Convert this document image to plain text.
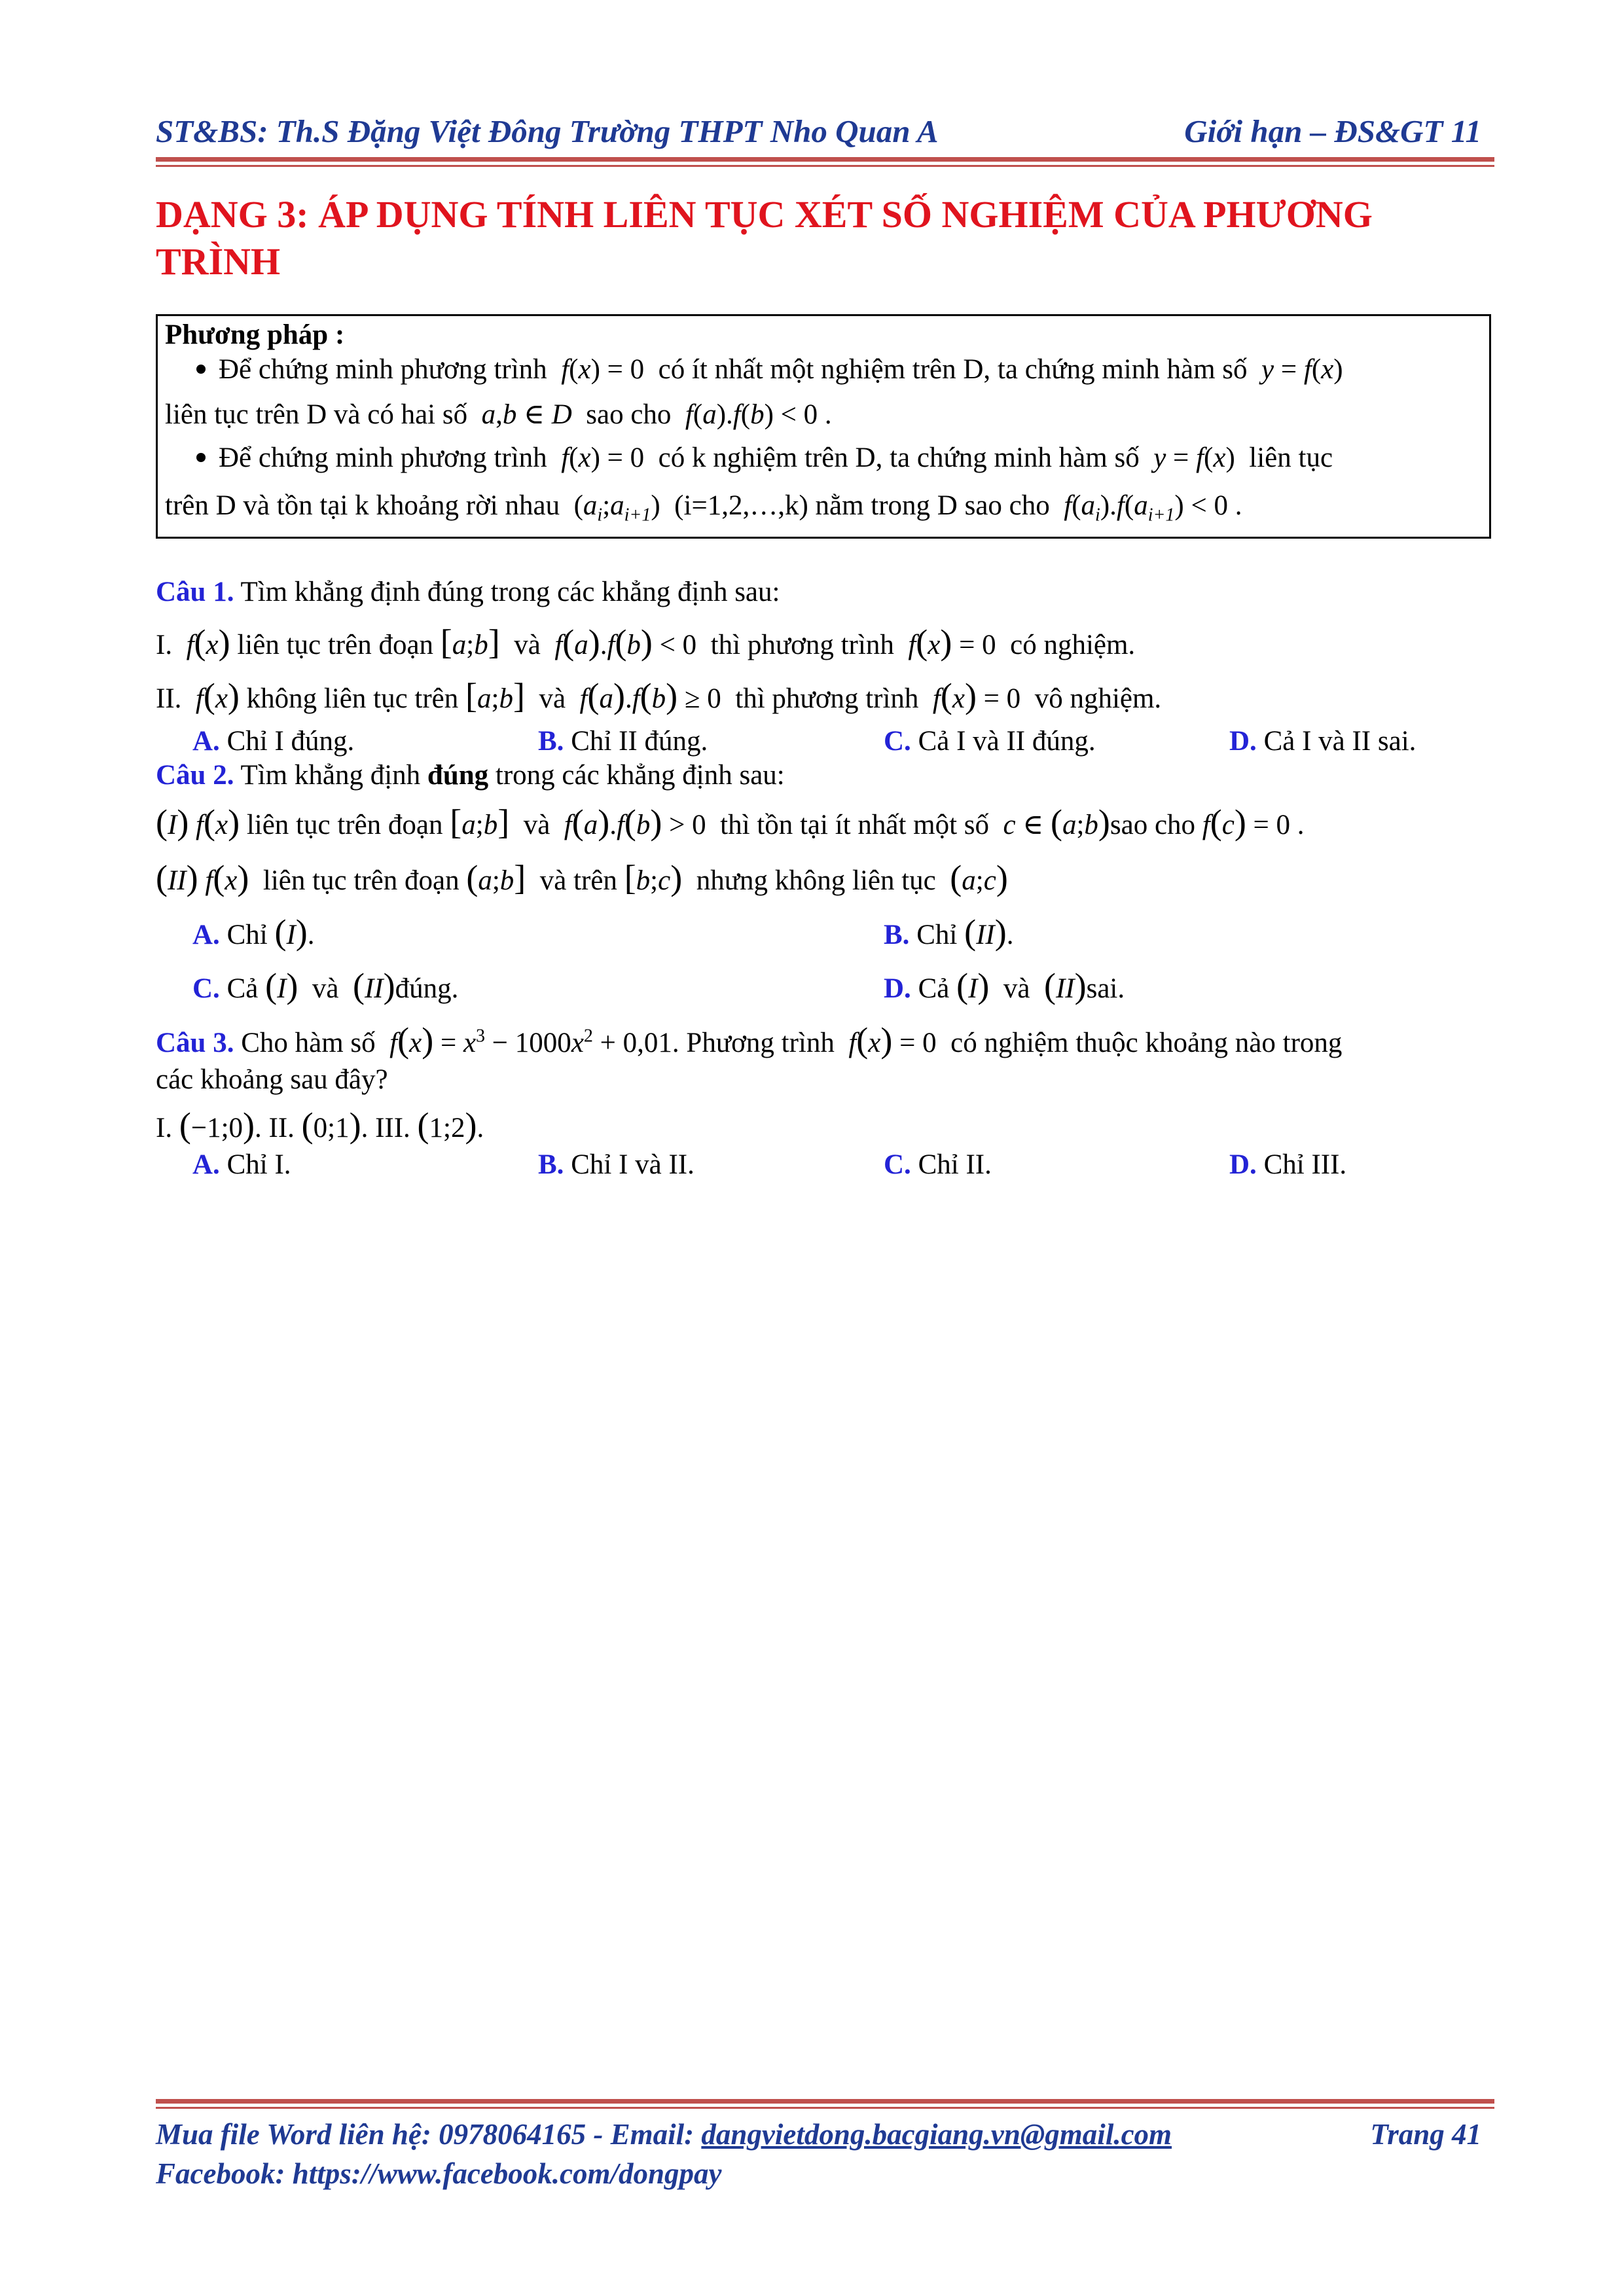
ST&BS: Th.S Đặng Việt Đông Trường THPT Nho Quan A	Giới hạn – ĐS&GT 11
DẠNG 3: ÁP DỤNG TÍNH LIÊN TỤC XÉT SỐ NGHIỆM CỦA PHƯƠNG TRÌNH
Phương pháp :
Để chứng minh phương trình f(x) = 0  có ít nhất một nghiệm trên D, ta chứng minh hàm số y = f(x)
liên tục trên D và có hai số a,b ∈ D sao cho f(a).f(b) < 0 .
Để chứng minh phương trình f(x) = 0  có k nghiệm trên D, ta chứng minh hàm số y = f(x)  liên tục
trên D và tồn tại k khoảng rời nhau  $(a_i;a_{i+1})$  (i=1,2,…,k) nằm trong D sao cho $f(a_i).f(a_{i+1}) < 0$ .
Câu 1. Tìm khẳng định đúng trong các khẳng định sau:
I. f(x) liên tục trên đoạn [a;b] và f(a).f(b) < 0  thì phương trình f(x) = 0  có nghiệm.
II. f(x) không liên tục trên [a;b] và f(a).f(b) ≥ 0  thì phương trình f(x) = 0  vô nghiệm.
A. Chỉ I đúng.	B. Chỉ II đúng.	C. Cả I và II đúng.	D. Cả I và II sai.
Câu 2. Tìm khẳng định đúng trong các khẳng định sau:
(I) f(x) liên tục trên đoạn [a;b] và f(a).f(b) > 0  thì tồn tại ít nhất một số c ∈ (a;b)sao cho f(c) = 0 .
(II) f(x) liên tục trên đoạn (a;b] và trên [b;c) nhưng không liên tục (a;c)
A. Chỉ (I).	B. Chỉ (II).
C. Cả (I) và (II)đúng.	D. Cả (I) và (II)sai.
Câu 3. Cho hàm số $f(x) = x^3 - 1000x^2 + 0,01$. Phương trình f(x) = 0  có nghiệm thuộc khoảng nào trong
các khoảng sau đây?
I. (−1;0). II. (0;1). III. (1;2).
A. Chỉ I.	B. Chỉ I và II.	C. Chỉ II.	D. Chỉ III.
Mua file Word liên hệ: 0978064165 - Email: dangvietdong.bacgiang.vn@gmail.com	Trang 41
Facebook: https://www.facebook.com/dongpay
